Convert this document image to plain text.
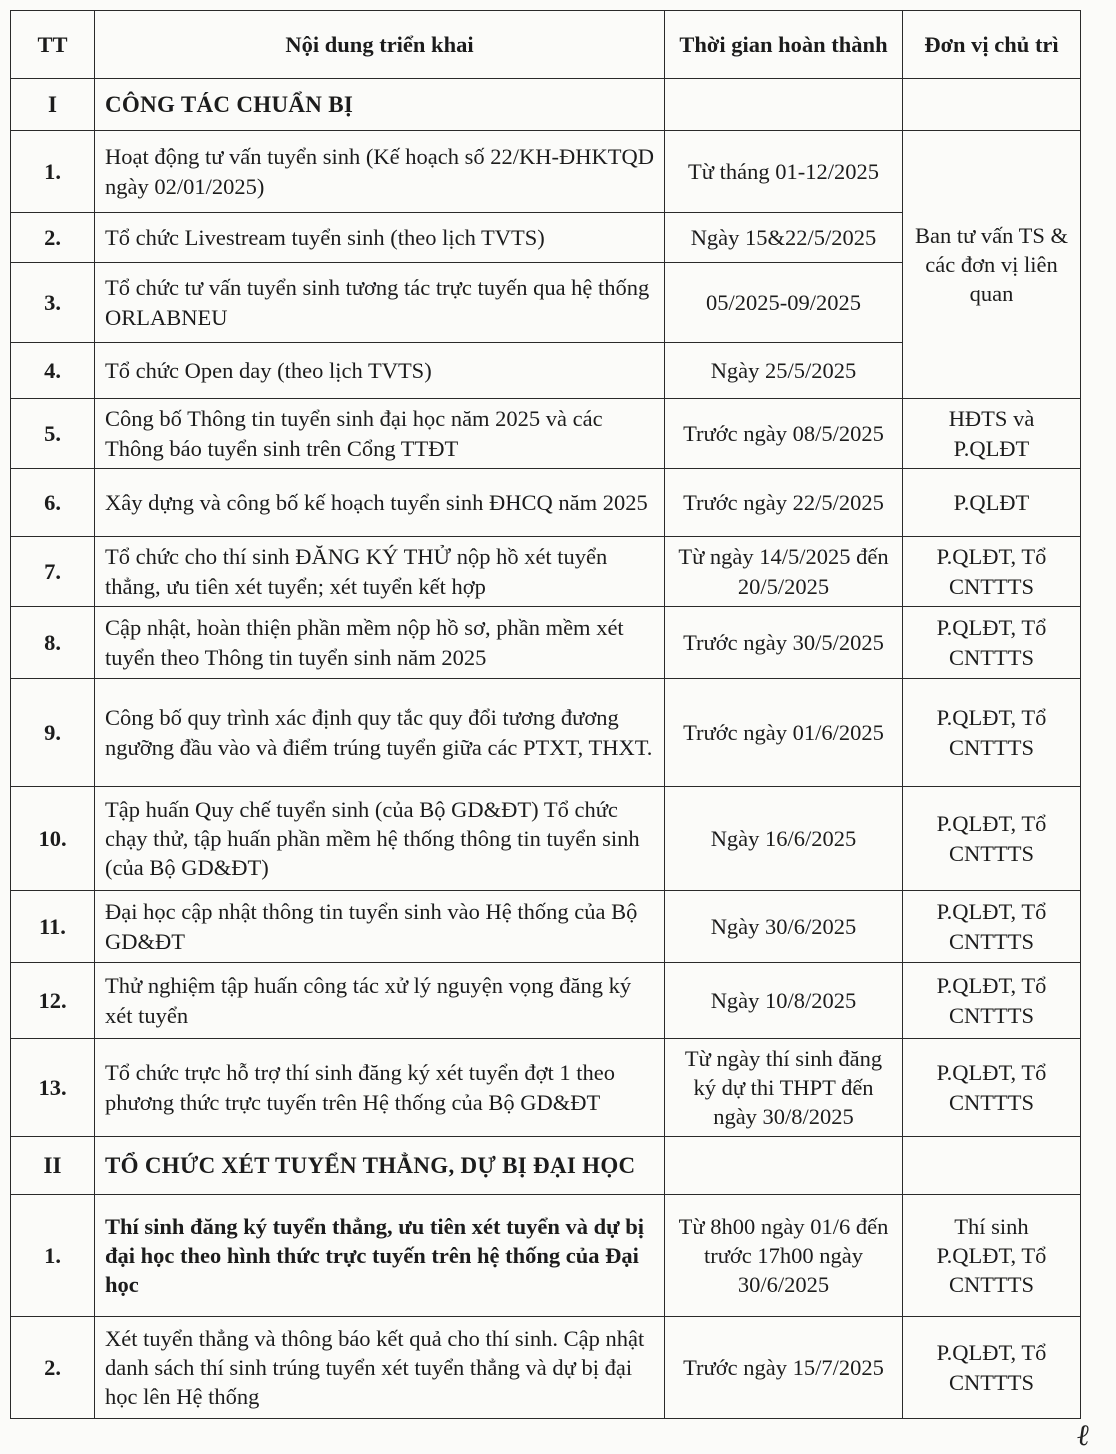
TT	Nội dung triển khai	Thời gian hoàn thành	Đơn vị chủ trì
I	CÔNG TÁC CHUẨN BỊ		
1.	Hoạt động tư vấn tuyển sinh (Kế hoạch số 22/KH-ĐHKTQD ngày 02/01/2025)	Từ tháng 01-12/2025	Ban tư vấn TS & các đơn vị liên quan
2.	Tổ chức Livestream tuyển sinh (theo lịch TVTS)	Ngày 15&22/5/2025	
3.	Tổ chức tư vấn tuyển sinh tương tác trực tuyến qua hệ thống ORLABNEU	05/2025-09/2025	
4.	Tổ chức Open day (theo lịch TVTS)	Ngày 25/5/2025	
5.	Công bố Thông tin tuyển sinh đại học năm 2025 và các Thông báo tuyển sinh trên Cổng TTĐT	Trước ngày 08/5/2025	HĐTS và P.QLĐT
6.	Xây dựng và công bố kế hoạch tuyển sinh ĐHCQ năm 2025	Trước ngày 22/5/2025	P.QLĐT
7.	Tổ chức cho thí sinh ĐĂNG KÝ THỬ nộp hồ xét tuyển thẳng, ưu tiên xét tuyển; xét tuyển kết hợp	Từ ngày 14/5/2025 đến 20/5/2025	P.QLĐT, Tổ CNTTTS
8.	Cập nhật, hoàn thiện phần mềm nộp hồ sơ, phần mềm xét tuyển theo Thông tin tuyển sinh năm 2025	Trước ngày 30/5/2025	P.QLĐT, Tổ CNTTTS
9.	Công bố quy trình xác định quy tắc quy đổi tương đương ngưỡng đầu vào và điểm trúng tuyển giữa các PTXT, THXT.	Trước ngày 01/6/2025	P.QLĐT, Tổ CNTTTS
10.	Tập huấn Quy chế tuyển sinh (của Bộ GD&ĐT) Tổ chức chạy thử, tập huấn phần mềm hệ thống thông tin tuyển sinh (của Bộ GD&ĐT)	Ngày 16/6/2025	P.QLĐT, Tổ CNTTTS
11.	Đại học cập nhật thông tin tuyển sinh vào Hệ thống của Bộ GD&ĐT	Ngày 30/6/2025	P.QLĐT, Tổ CNTTTS
12.	Thử nghiệm tập huấn công tác xử lý nguyện vọng đăng ký xét tuyển	Ngày 10/8/2025	P.QLĐT, Tổ CNTTTS
13.	Tổ chức trực hỗ trợ thí sinh đăng ký xét tuyển đợt 1 theo phương thức trực tuyến trên Hệ thống của Bộ GD&ĐT	Từ ngày thí sinh đăng ký dự thi THPT đến ngày 30/8/2025	P.QLĐT, Tổ CNTTTS
II	TỔ CHỨC XÉT TUYỂN THẲNG, DỰ BỊ ĐẠI HỌC		
1.	Thí sinh đăng ký tuyển thẳng, ưu tiên xét tuyển và dự bị đại học theo hình thức trực tuyến trên hệ thống của Đại học	Từ 8h00 ngày 01/6 đến trước 17h00 ngày 30/6/2025	Thí sinh P.QLĐT, Tổ CNTTTS
2.	Xét tuyển thẳng và thông báo kết quả cho thí sinh. Cập nhật danh sách thí sinh trúng tuyển xét tuyển thẳng và dự bị đại học lên Hệ thống	Trước ngày 15/7/2025	P.QLĐT, Tổ CNTTTS
ℓ
